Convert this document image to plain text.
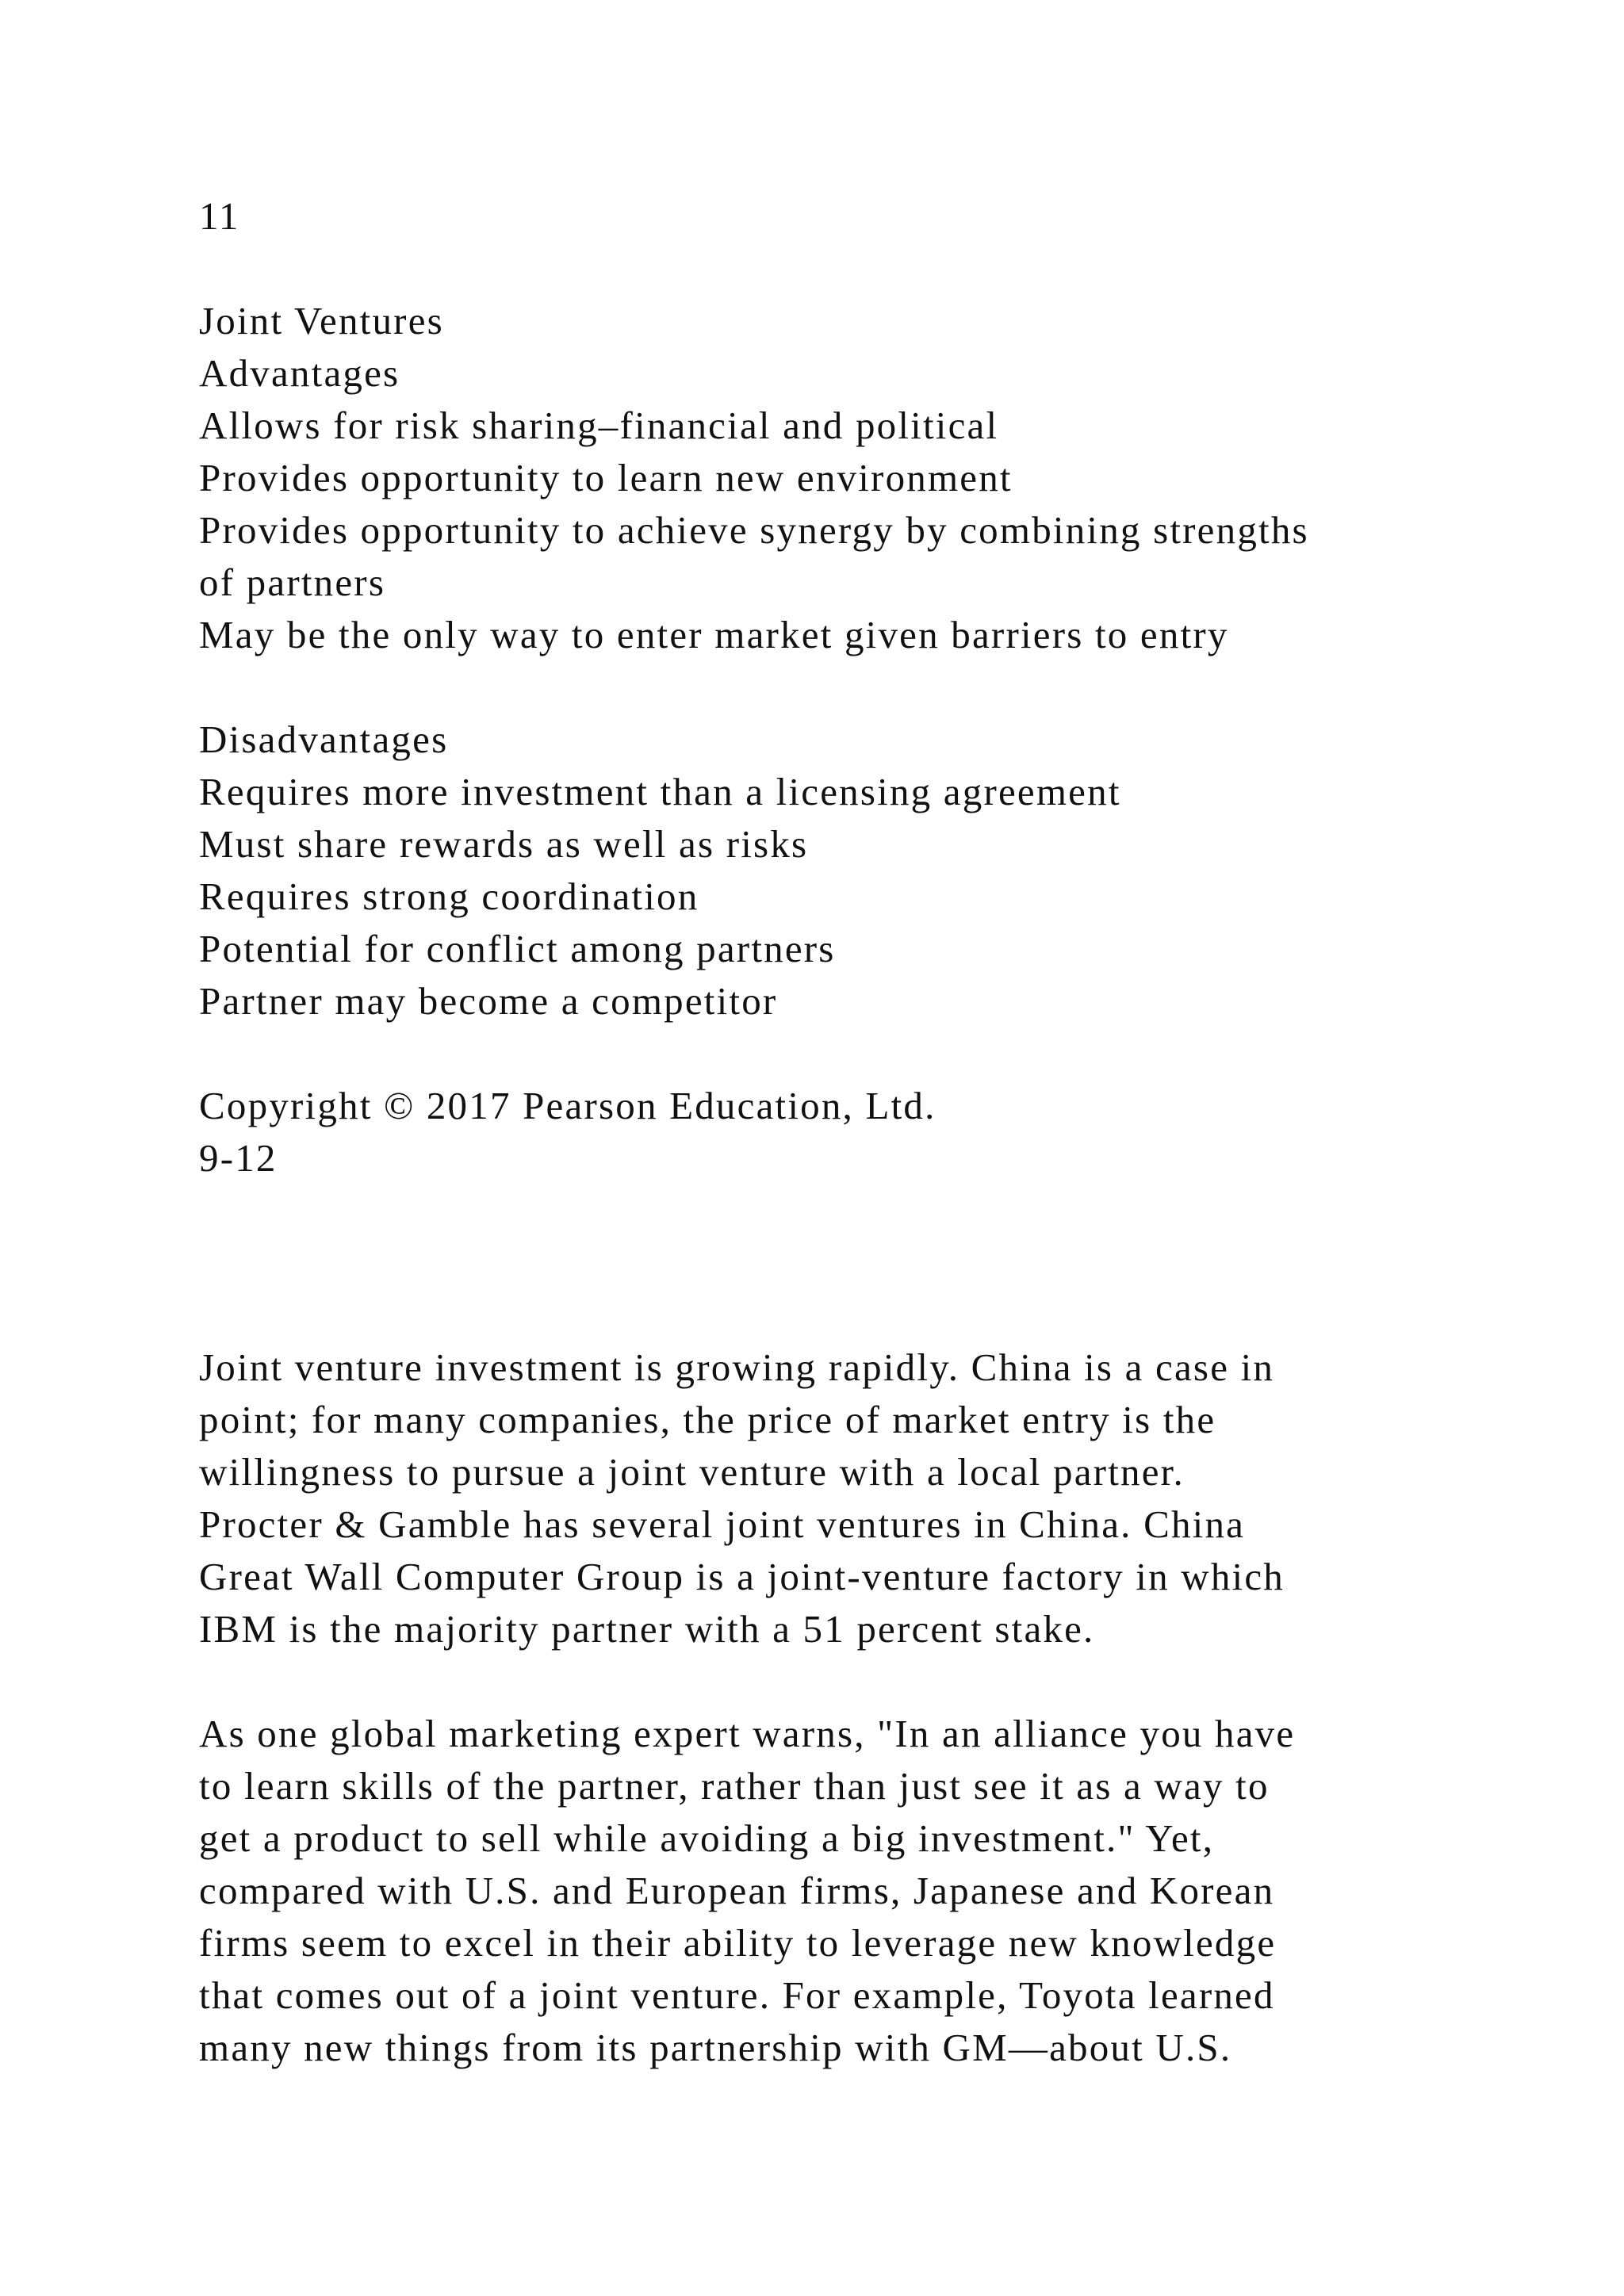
11
Joint Ventures
Advantages
Allows for risk sharing–financial and political
Provides opportunity to learn new environment
Provides opportunity to achieve synergy by combining strengths
of partners
May be the only way to enter market given barriers to entry
Disadvantages
Requires more investment than a licensing agreement
Must share rewards as well as risks
Requires strong coordination
Potential for conflict among partners
Partner may become a competitor
Copyright © 2017 Pearson Education, Ltd.
9-12
Joint venture investment is growing rapidly. China is a case in
point; for many companies, the price of market entry is the
willingness to pursue a joint venture with a local partner.
Procter & Gamble has several joint ventures in China. China
Great Wall Computer Group is a joint-venture factory in which
IBM is the majority partner with a 51 percent stake.
As one global marketing expert warns, "In an alliance you have
to learn skills of the partner, rather than just see it as a way to
get a product to sell while avoiding a big investment." Yet,
compared with U.S. and European firms, Japanese and Korean
firms seem to excel in their ability to leverage new knowledge
that comes out of a joint venture. For example, Toyota learned
many new things from its partnership with GM—about U.S.
